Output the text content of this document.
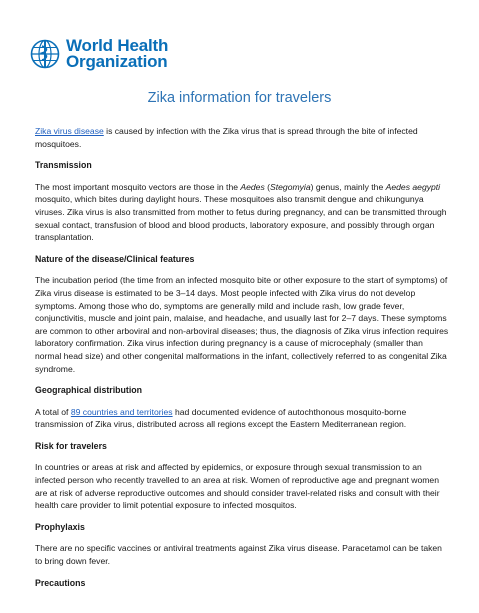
World Health
Organization
Zika information for travelers

Zika virus disease is caused by infection with the Zika virus that is spread through the bite of infected mosquitoes.

Transmission

The most important mosquito vectors are those in the Aedes (Stegomyia) genus, mainly the Aedes aegypti mosquito, which bites during daylight hours. These mosquitoes also transmit dengue and chikungunya viruses. Zika virus is also transmitted from mother to fetus during pregnancy, and can be transmitted through sexual contact, transfusion of blood and blood products, laboratory exposure, and possibly through organ transplantation.

Nature of the disease/Clinical features

The incubation period (the time from an infected mosquito bite or other exposure to the start of symptoms) of Zika virus disease is estimated to be 3–14 days. Most people infected with Zika virus do not develop symptoms. Among those who do, symptoms are generally mild and include rash, low grade fever, conjunctivitis, muscle and joint pain, malaise, and headache, and usually last for 2–7 days. These symptoms are common to other arboviral and non-arboviral diseases; thus, the diagnosis of Zika virus infection requires laboratory confirmation. Zika virus infection during pregnancy is a cause of microcephaly (smaller than normal head size) and other congenital malformations in the infant, collectively referred to as congenital Zika syndrome.

Geographical distribution

A total of 89 countries and territories had documented evidence of autochthonous mosquito-borne transmission of Zika virus, distributed across all regions except the Eastern Mediterranean region.

Risk for travelers

In countries or areas at risk and affected by epidemics, or exposure through sexual transmission to an infected person who recently travelled to an area at risk. Women of reproductive age and pregnant women are at risk of adverse reproductive outcomes and should consider travel-related risks and consult with their health care provider to limit potential exposure to infected mosquitos.

Prophylaxis

There are no specific vaccines or antiviral treatments against Zika virus disease. Paracetamol can be taken to bring down fever.

Precautions
